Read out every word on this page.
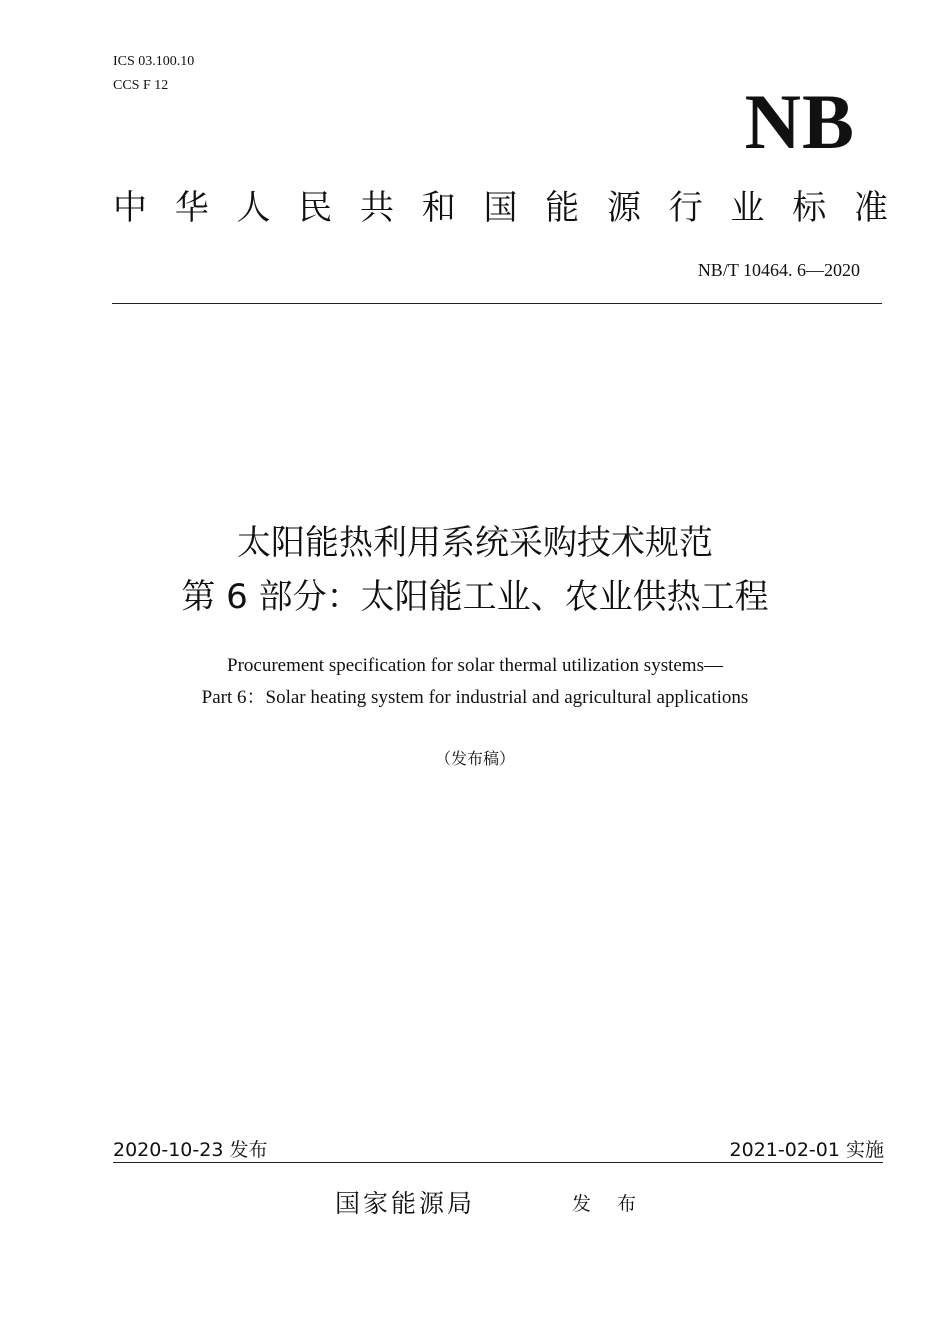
ICS 03.100.10
CCS F 12	NB
中 华 人 民 共 和 国 能 源 行 业 标 准
NB/T 10464. 6—2020
太阳能热利用系统采购技术规范
第 6 部分：太阳能工业、农业供热工程
Procurement specification for solar thermal utilization systems—
Part 6：Solar heating system for industrial and agricultural applications
（发布稿）
2020-10-23 发布	2021-02-01 实施
国家能源局	发 布
